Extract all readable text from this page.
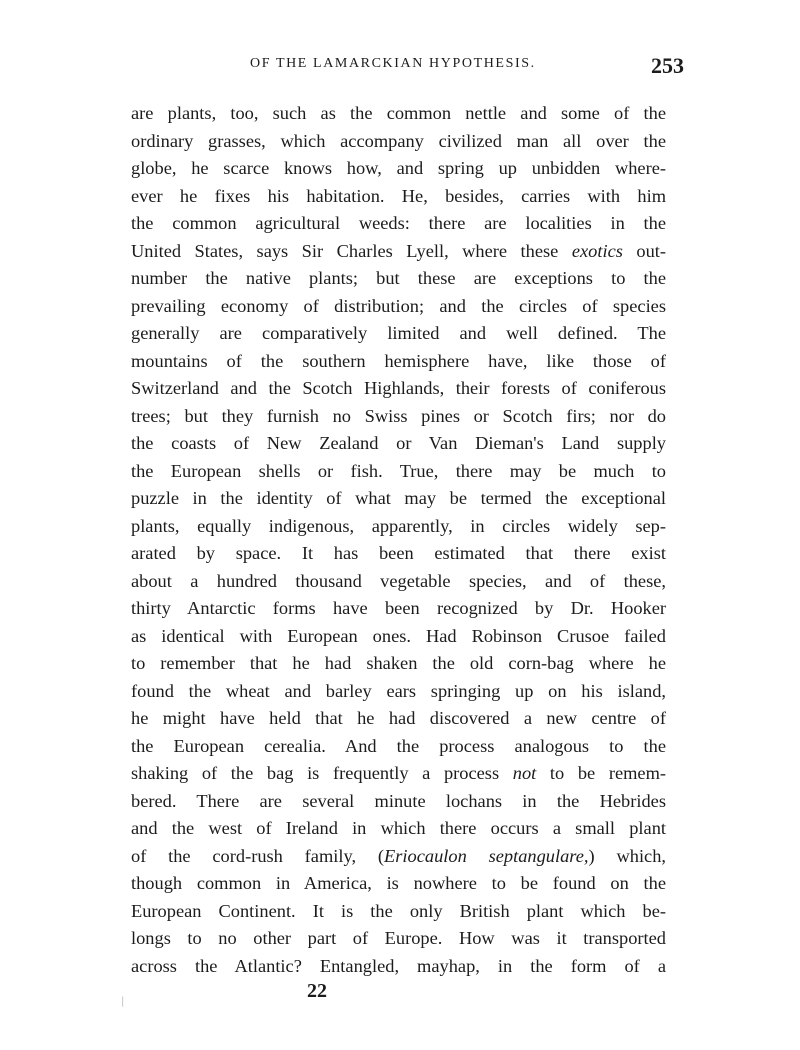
OF THE LAMARCKIAN HYPOTHESIS.	253
are plants, too, such as the common nettle and some of the
ordinary grasses, which accompany civilized man all over the
globe, he scarce knows how, and spring up unbidden where-
ever he fixes his habitation. He, besides, carries with him
the common agricultural weeds: there are localities in the
United States, says Sir Charles Lyell, where these exotics out-
number the native plants; but these are exceptions to the
prevailing economy of distribution; and the circles of species
generally are comparatively limited and well defined. The
mountains of the southern hemisphere have, like those of
Switzerland and the Scotch Highlands, their forests of coniferous
trees; but they furnish no Swiss pines or Scotch firs; nor do
the coasts of New Zealand or Van Dieman's Land supply
the European shells or fish. True, there may be much to
puzzle in the identity of what may be termed the exceptional
plants, equally indigenous, apparently, in circles widely sep-
arated by space. It has been estimated that there exist
about a hundred thousand vegetable species, and of these,
thirty Antarctic forms have been recognized by Dr. Hooker
as identical with European ones. Had Robinson Crusoe failed
to remember that he had shaken the old corn-bag where he
found the wheat and barley ears springing up on his island,
he might have held that he had discovered a new centre of
the European cerealia. And the process analogous to the
shaking of the bag is frequently a process not to be remem-
bered. There are several minute lochans in the Hebrides
and the west of Ireland in which there occurs a small plant
of the cord-rush family, (Eriocaulon septangulare,) which,
though common in America, is nowhere to be found on the
European Continent. It is the only British plant which be-
longs to no other part of Europe. How was it transported
across the Atlantic? Entangled, mayhap, in the form of a
22
|
